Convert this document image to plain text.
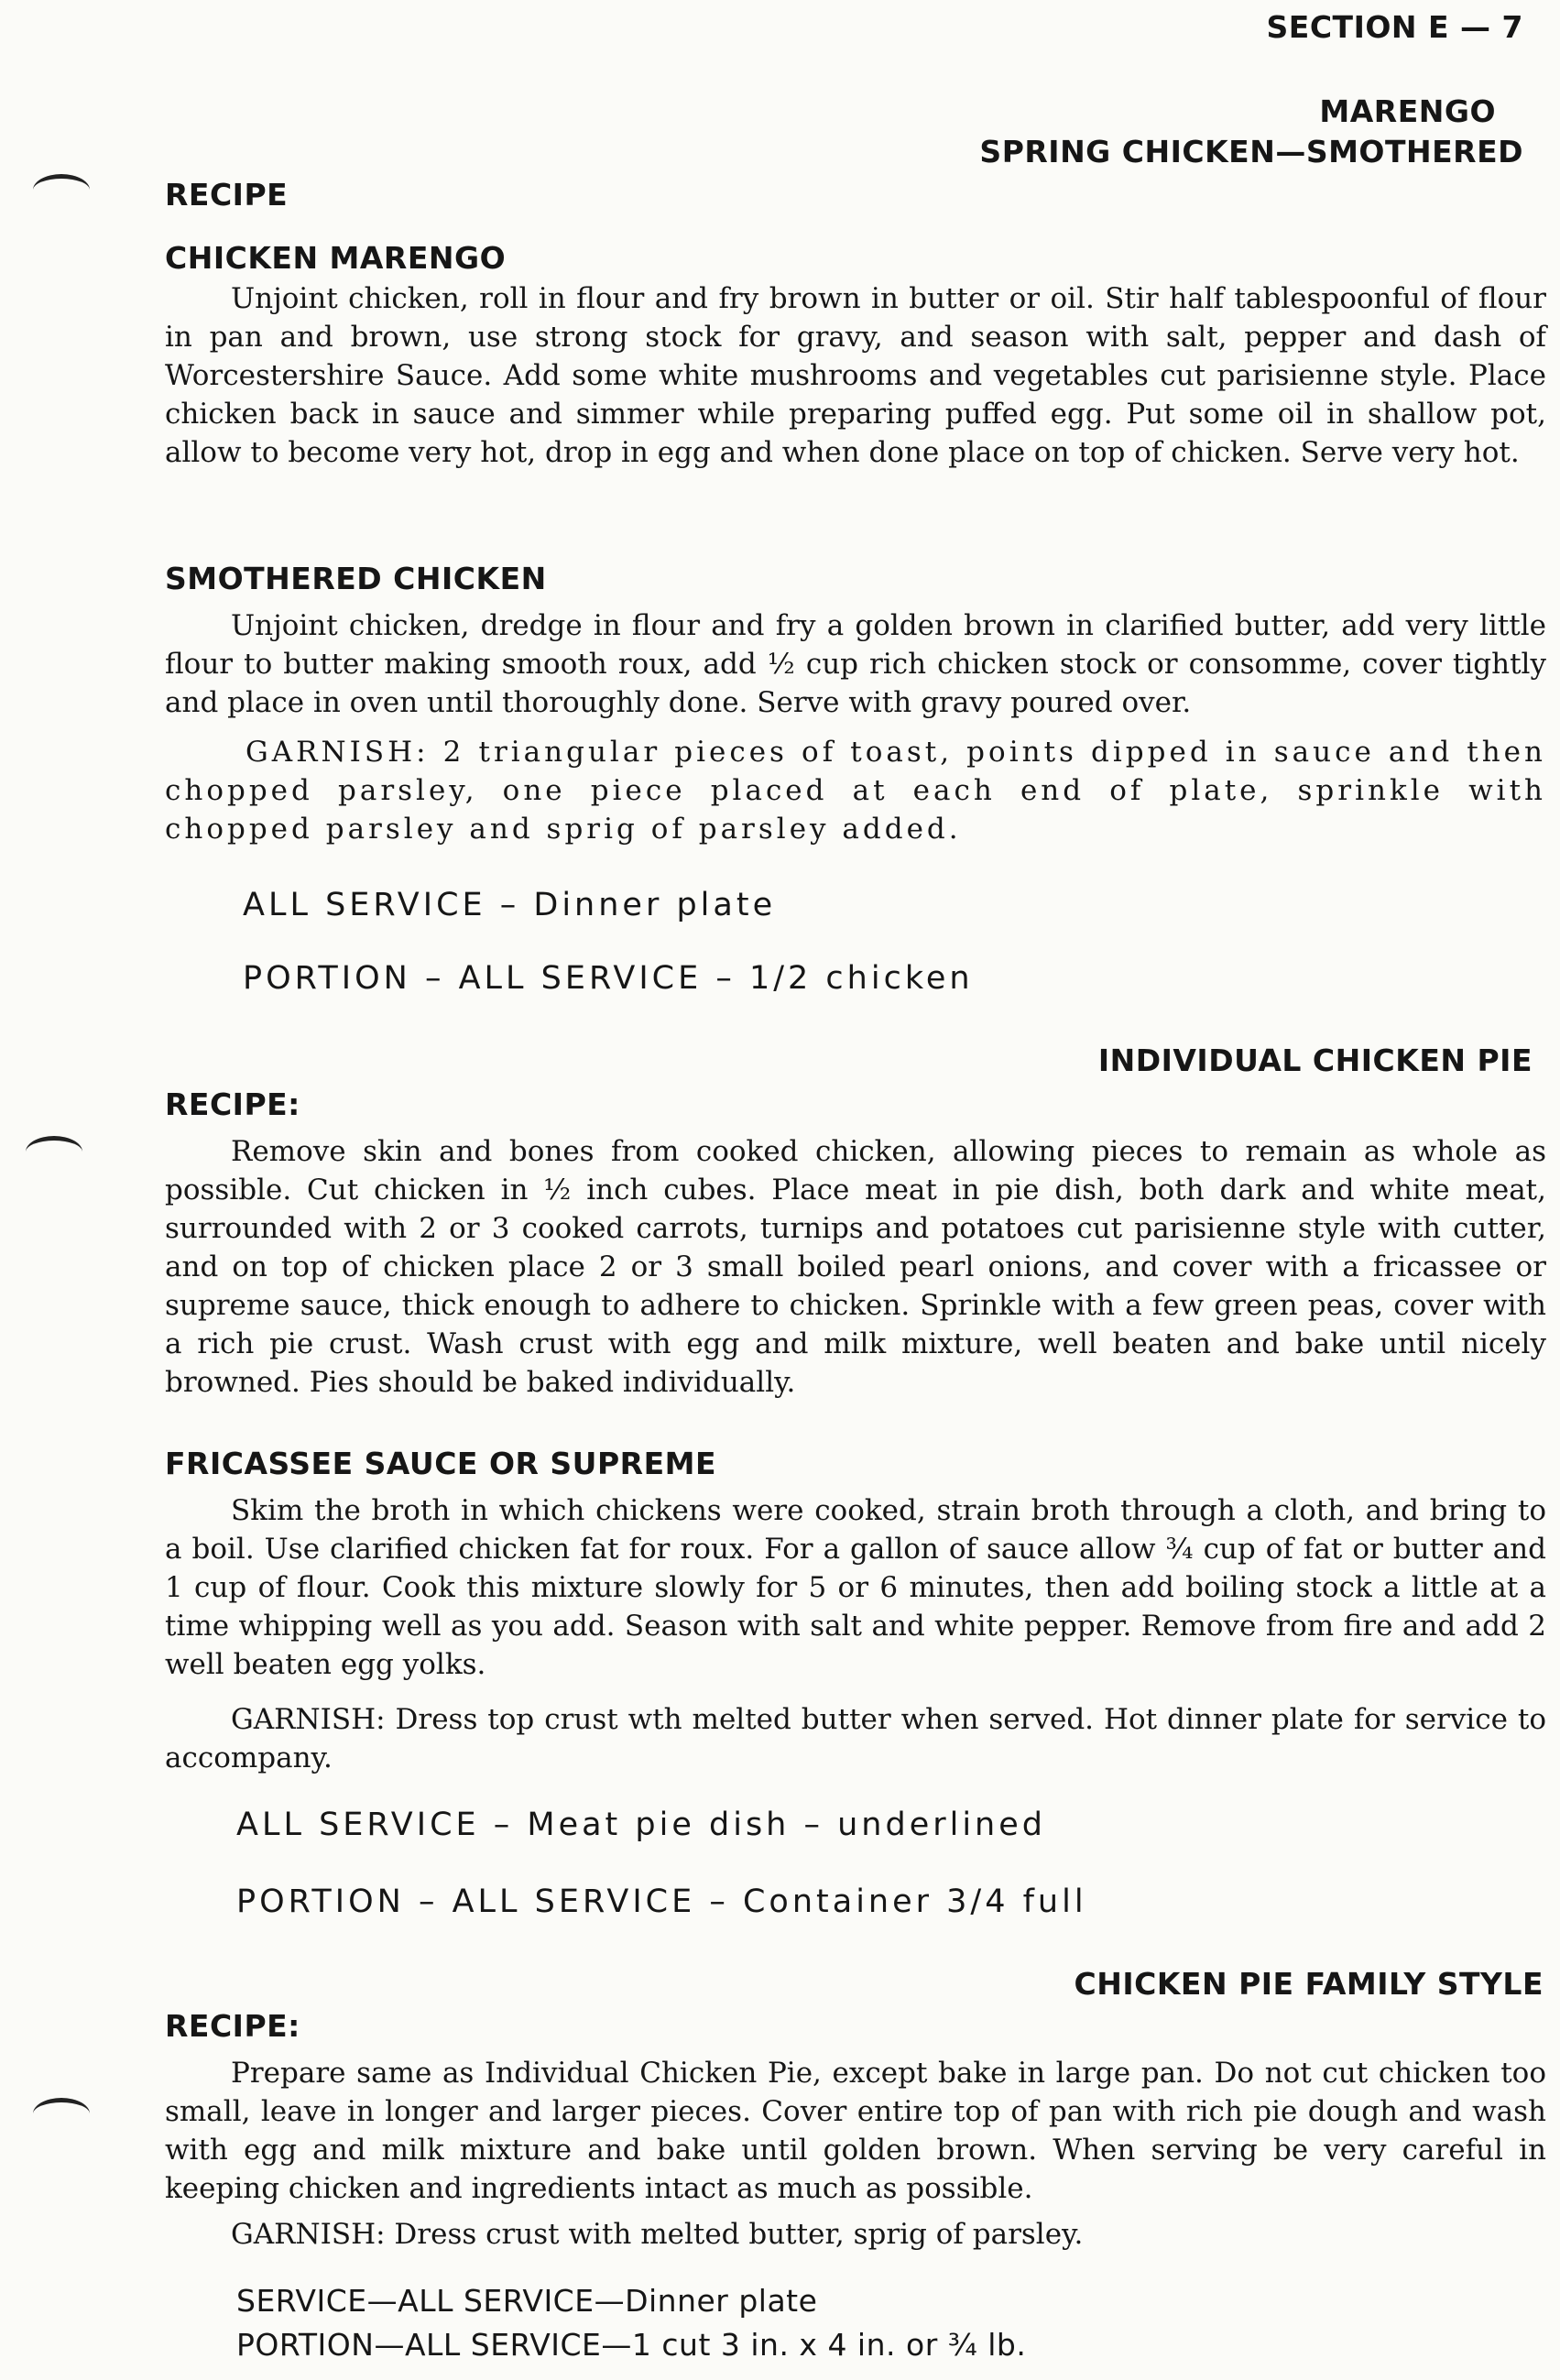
SECTION E — 7
MARENGO
SPRING CHICKEN—SMOTHERED
RECIPE
CHICKEN MARENGO

Unjoint chicken, roll in flour and fry brown in butter or oil. Stir half tablespoonful of flour in pan and brown, use strong stock for gravy, and season with salt, pepper and dash of Worcestershire Sauce. Add some white mushrooms and vegetables cut parisienne style. Place chicken back in sauce and simmer while preparing puffed egg. Put some oil in shallow pot, allow to become very hot, drop in egg and when done place on top of chicken. Serve very hot.

SMOTHERED CHICKEN

Unjoint chicken, dredge in flour and fry a golden brown in clarified butter, add very little flour to butter making smooth roux, add ½ cup rich chicken stock or consomme, cover tightly and place in oven until thoroughly done. Serve with gravy poured over.

GARNISH: 2 triangular pieces of toast, points dipped in sauce and then chopped parsley, one piece placed at each end of plate, sprinkle with chopped parsley and sprig of parsley added.

ALL SERVICE – Dinner plate
PORTION – ALL SERVICE – 1/2 chicken
INDIVIDUAL CHICKEN PIE
RECIPE:

Remove skin and bones from cooked chicken, allowing pieces to remain as whole as possible. Cut chicken in ½ inch cubes. Place meat in pie dish, both dark and white meat, surrounded with 2 or 3 cooked carrots, turnips and potatoes cut parisienne style with cutter, and on top of chicken place 2 or 3 small boiled pearl onions, and cover with a fricassee or supreme sauce, thick enough to adhere to chicken. Sprinkle with a few green peas, cover with a rich pie crust. Wash crust with egg and milk mixture, well beaten and bake until nicely browned. Pies should be baked individually.

FRICASSEE SAUCE OR SUPREME

Skim the broth in which chickens were cooked, strain broth through a cloth, and bring to a boil. Use clarified chicken fat for roux. For a gallon of sauce allow ¾ cup of fat or butter and 1 cup of flour. Cook this mixture slowly for 5 or 6 minutes, then add boiling stock a little at a time whipping well as you add. Season with salt and white pepper. Remove from fire and add 2 well beaten egg yolks.

GARNISH: Dress top crust wth melted butter when served. Hot dinner plate for service to accompany.

ALL SERVICE – Meat pie dish – underlined
PORTION – ALL SERVICE – Container 3/4 full
CHICKEN PIE FAMILY STYLE
RECIPE:

Prepare same as Individual Chicken Pie, except bake in large pan. Do not cut chicken too small, leave in longer and larger pieces. Cover entire top of pan with rich pie dough and wash with egg and milk mixture and bake until golden brown. When serving be very careful in keeping chicken and ingredients intact as much as possible.

GARNISH: Dress crust with melted butter, sprig of parsley.

SERVICE—ALL SERVICE—Dinner plate
PORTION—ALL SERVICE—1 cut 3 in. x 4 in. or ¾ lb.
